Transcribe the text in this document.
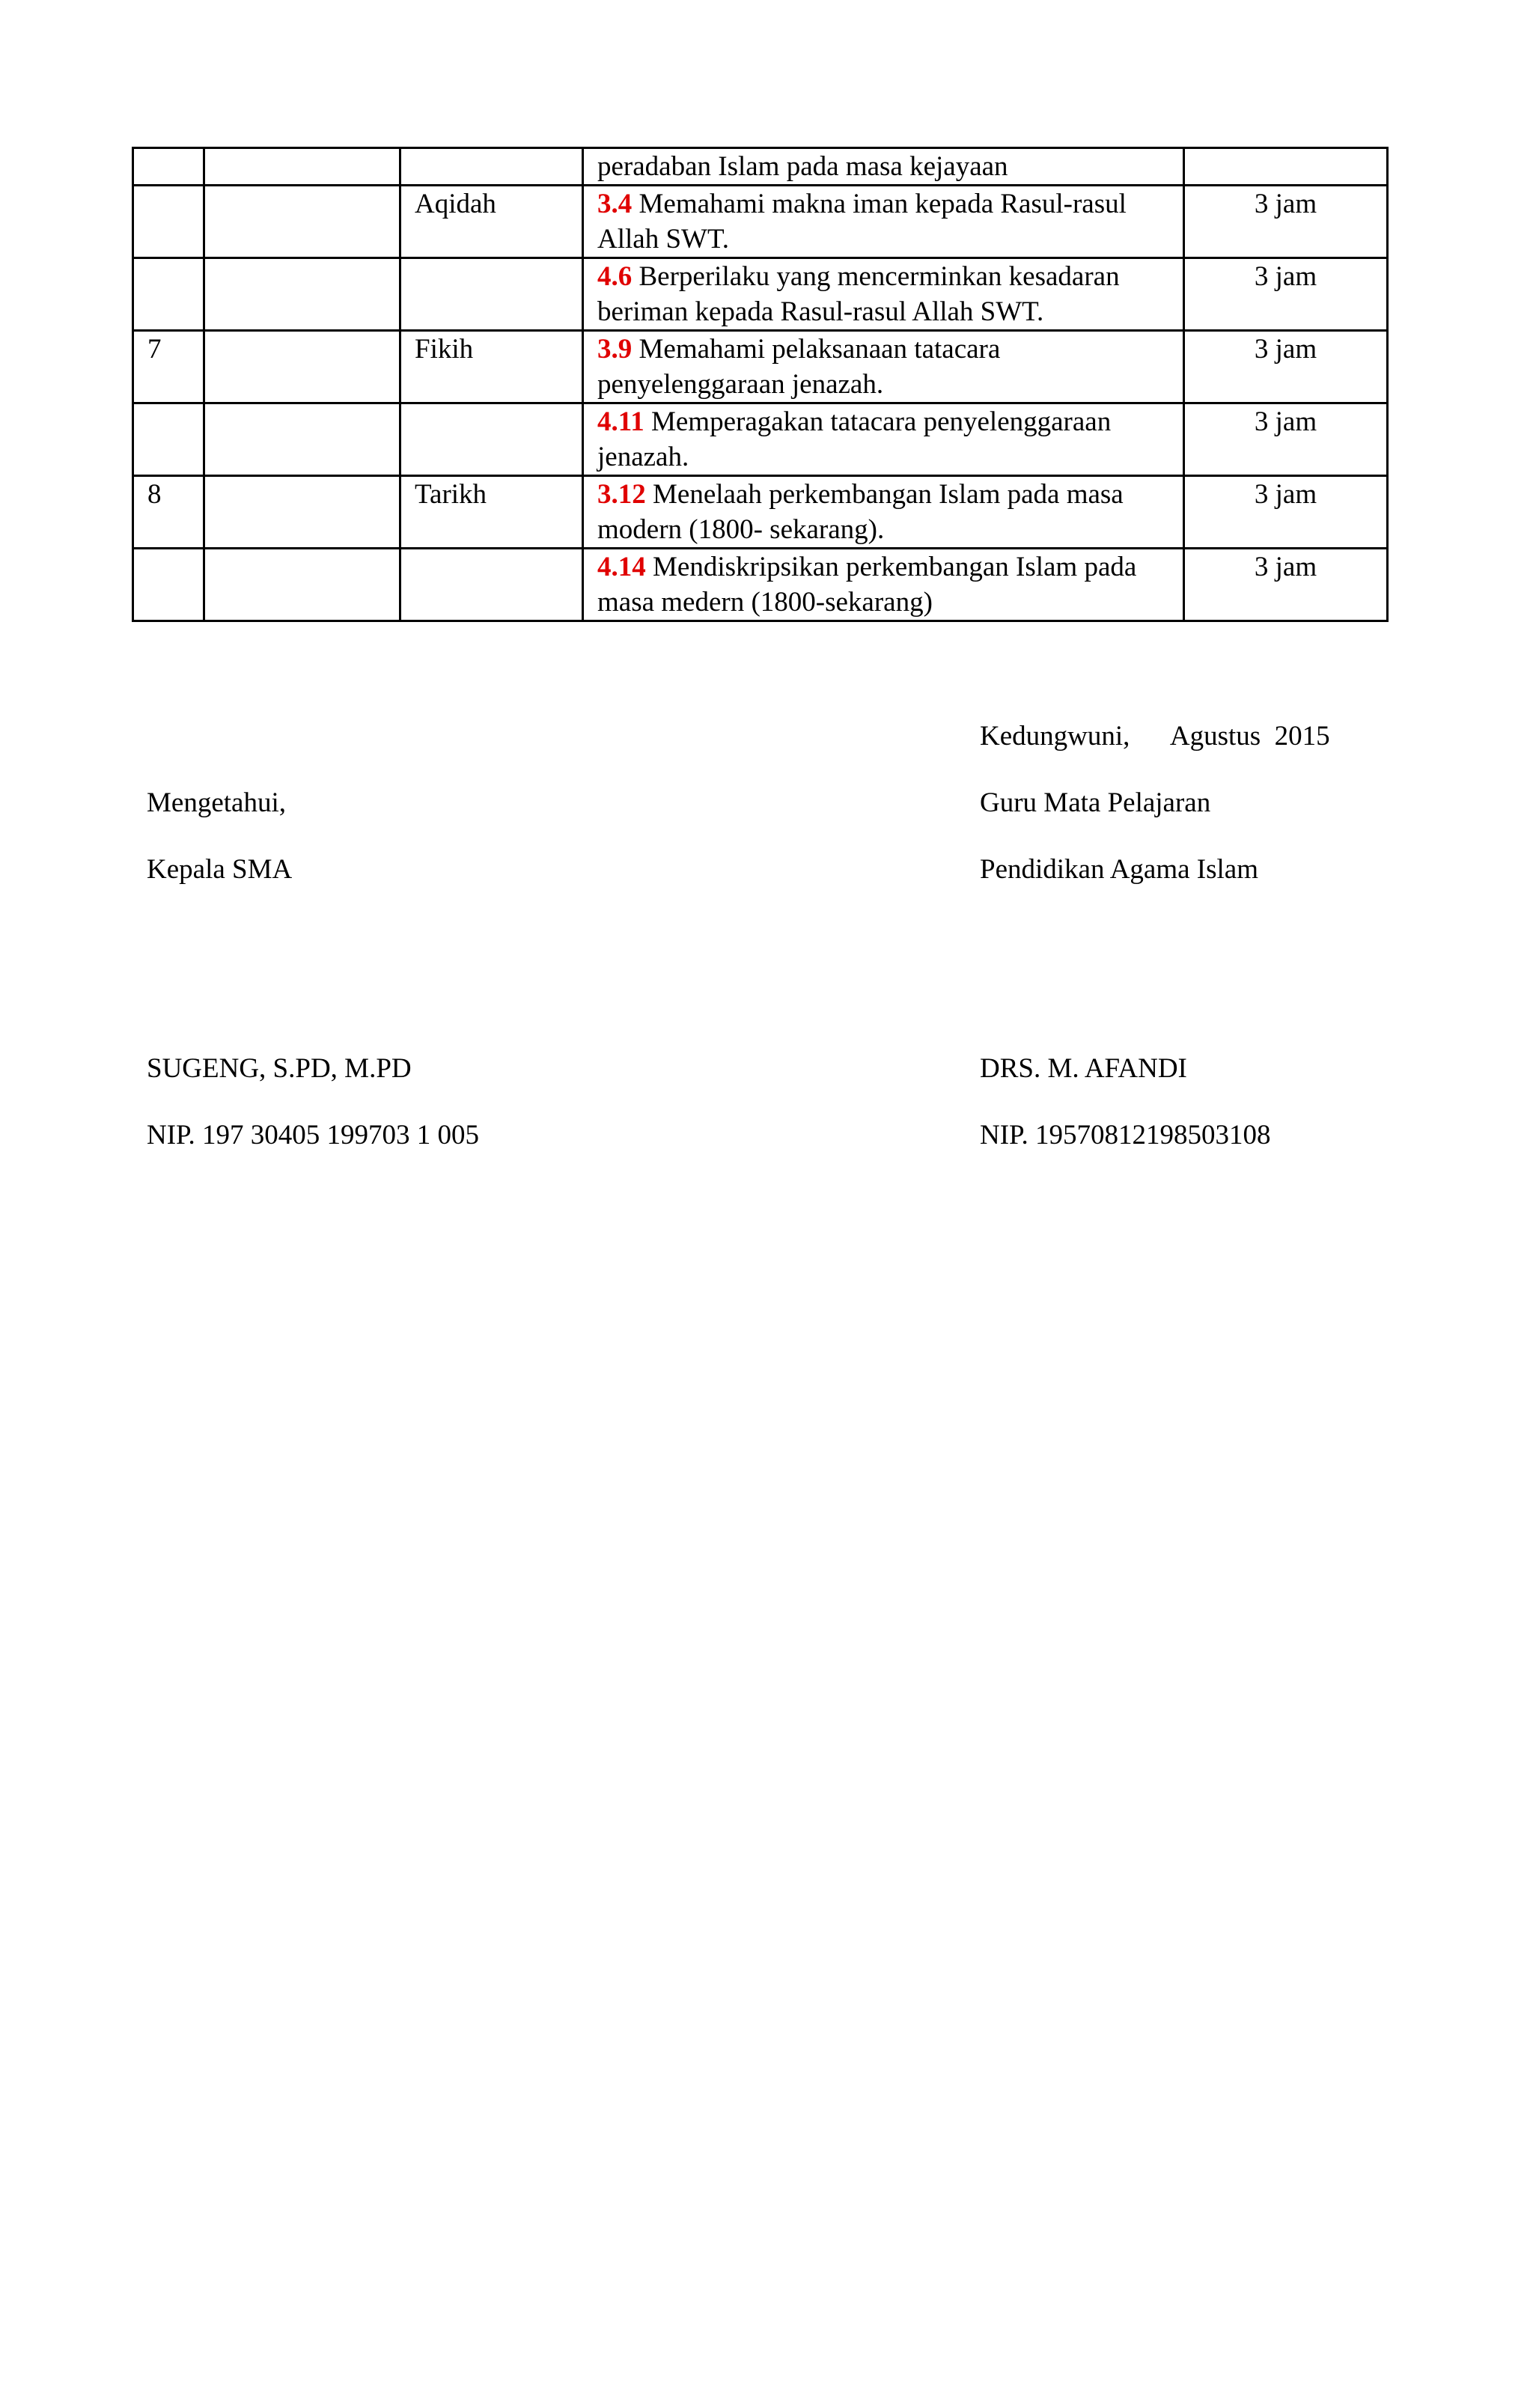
			peradaban Islam pada masa kejayaan	
		Aqidah	3.4 Memahami makna iman kepada Rasul-rasul Allah SWT.	3 jam
			4.6 Berperilaku yang mencerminkan kesadaran beriman kepada Rasul-rasul Allah SWT.	3 jam
7		Fikih	3.9 Memahami pelaksanaan tatacara penyelenggaraan jenazah.	3 jam
			4.11 Memperagakan tatacara penyelenggaraan jenazah.	3 jam
8		Tarikh	3.12 Menelaah perkembangan Islam pada masa modern (1800- sekarang).	3 jam
			4.14 Mendiskripsikan perkembangan Islam pada masa medern (1800-sekarang)	3 jam
Kedungwuni,      Agustus  2015
Mengetahui,	Guru Mata Pelajaran
Kepala SMA	Pendidikan Agama Islam
SUGENG, S.PD, M.PD	DRS. M. AFANDI
NIP. 197 30405 199703 1 005	NIP. 19570812198503108
